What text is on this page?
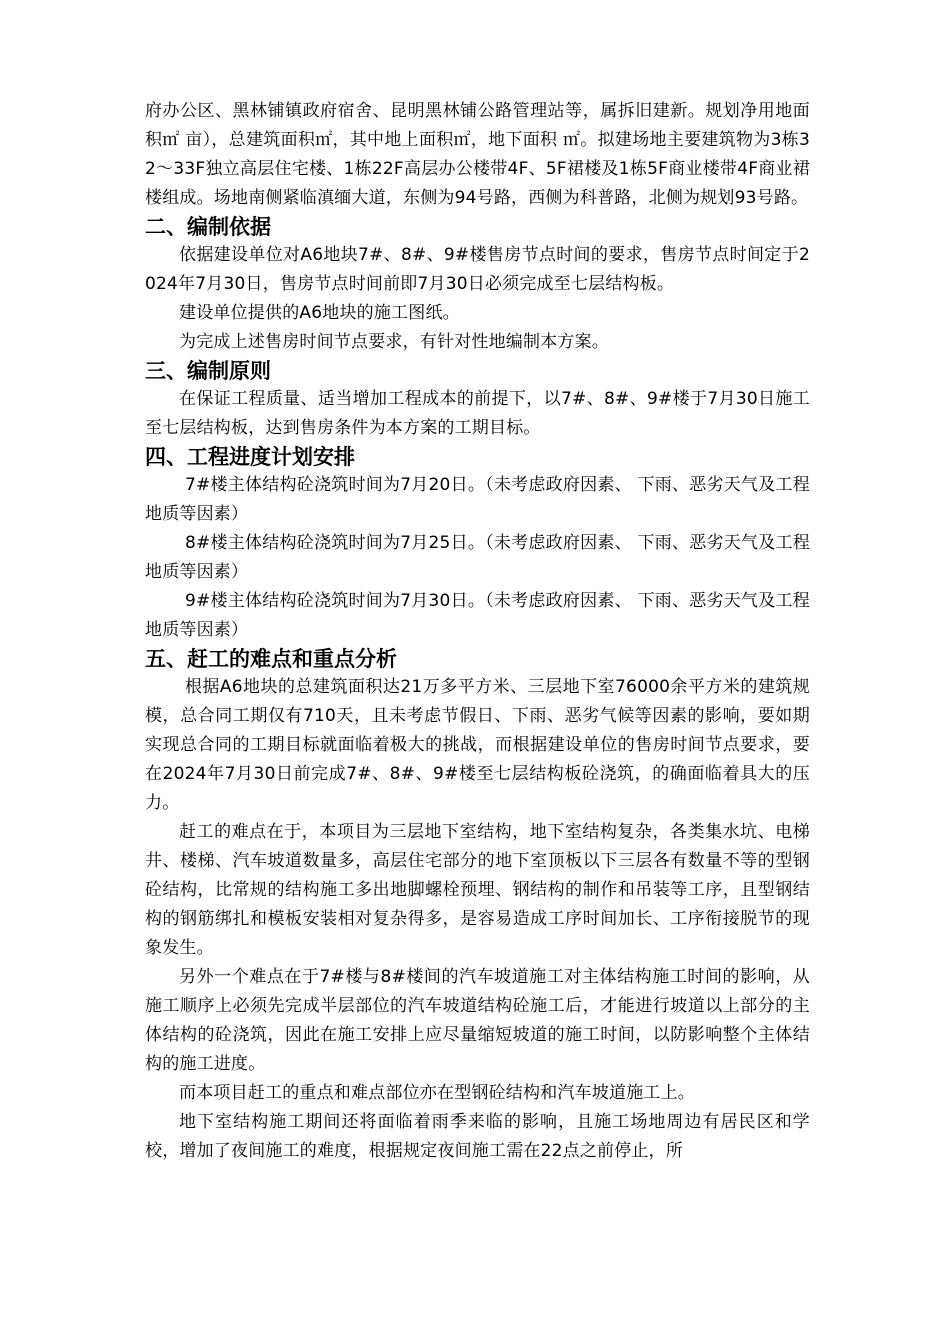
府办公区、黑林铺镇政府宿舍、昆明黑林铺公路管理站等，属拆旧建新。规划净用地面积㎡ 亩），总建筑面积㎡，其中地上面积㎡，地下面积 ㎡。拟建场地主要建筑物为3栋32～33F独立高层住宅楼、1栋22F高层办公楼带4F、5F裙楼及1栋5F商业楼带4F商业裙楼组成。场地南侧紧临滇缅大道，东侧为94号路，西侧为科普路，北侧为规划93号路。

二、编制依据

依据建设单位对A6地块7#、8#、9#楼售房节点时间的要求，售房节点时间定于2024年7月30日，售房节点时间前即7月30日必须完成至七层结构板。

建设单位提供的A6地块的施工图纸。

为完成上述售房时间节点要求，有针对性地编制本方案。

三、编制原则

在保证工程质量、适当增加工程成本的前提下，以7#、8#、9#楼于7月30日施工至七层结构板，达到售房条件为本方案的工期目标。

四、工程进度计划安排

7#楼主体结构砼浇筑时间为7月20日。（未考虑政府因素、 下雨、恶劣天气及工程地质等因素）

8#楼主体结构砼浇筑时间为7月25日。（未考虑政府因素、 下雨、恶劣天气及工程地质等因素）

9#楼主体结构砼浇筑时间为7月30日。（未考虑政府因素、 下雨、恶劣天气及工程地质等因素）

五、赶工的难点和重点分析

根据A6地块的总建筑面积达21万多平方米、三层地下室76000余平方米的建筑规模，总合同工期仅有710天，且未考虑节假日、下雨、恶劣气候等因素的影响，要如期实现总合同的工期目标就面临着极大的挑战，而根据建设单位的售房时间节点要求，要在2024年7月30日前完成7#、8#、9#楼至七层结构板砼浇筑，的确面临着具大的压力。

赶工的难点在于，本项目为三层地下室结构，地下室结构复杂，各类集水坑、电梯井、楼梯、汽车坡道数量多，高层住宅部分的地下室顶板以下三层各有数量不等的型钢砼结构，比常规的结构施工多出地脚螺栓预埋、钢结构的制作和吊装等工序，且型钢结构的钢筋绑扎和模板安装相对复杂得多，是容易造成工序时间加长、工序衔接脱节的现象发生。

另外一个难点在于7#楼与8#楼间的汽车坡道施工对主体结构施工时间的影响，从施工顺序上必须先完成半层部位的汽车坡道结构砼施工后，才能进行坡道以上部分的主体结构的砼浇筑，因此在施工安排上应尽量缩短坡道的施工时间，以防影响整个主体结构的施工进度。

而本项目赶工的重点和难点部位亦在型钢砼结构和汽车坡道施工上。

地下室结构施工期间还将面临着雨季来临的影响，且施工场地周边有居民区和学校，增加了夜间施工的难度，根据规定夜间施工需在22点之前停止，所
